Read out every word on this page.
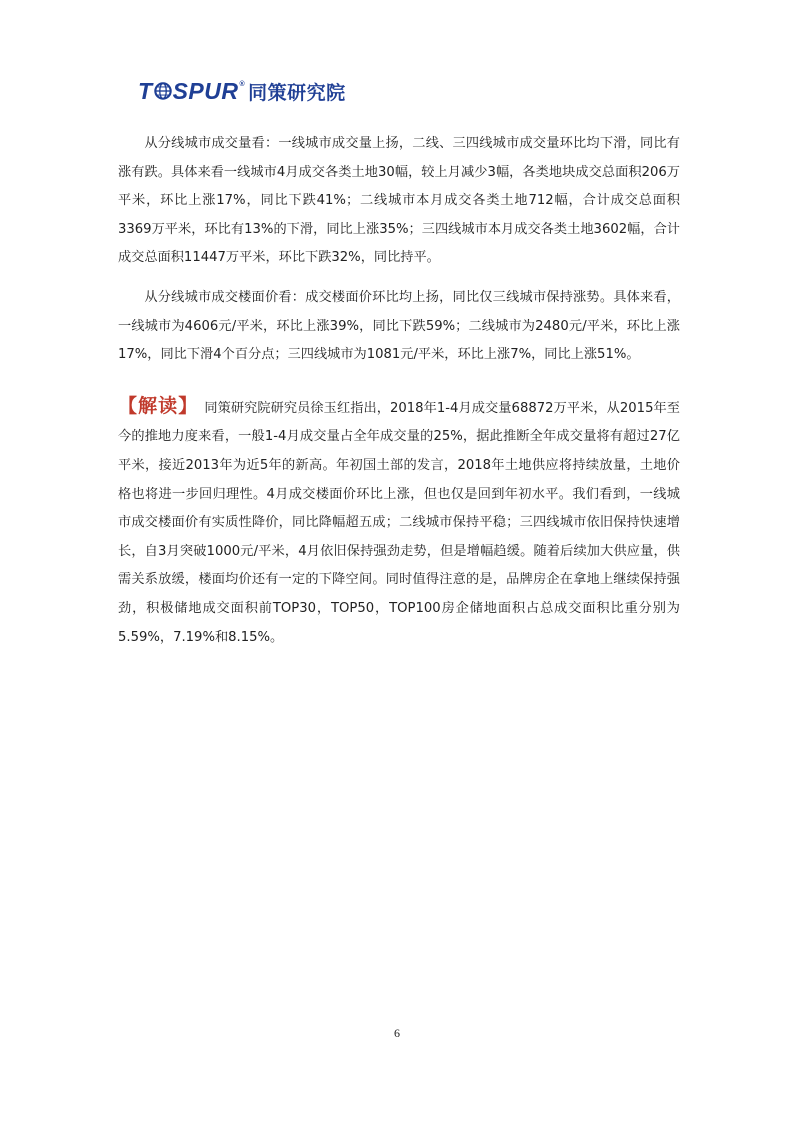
T SPUR ® 同策研究院

从分线城市成交量看：一线城市成交量上扬，二线、三四线城市成交量环比均下滑，同比有涨有跌。具体来看一线城市4月成交各类土地30幅，较上月减少3幅，各类地块成交总面积206万平米，环比上涨17%，同比下跌41%；二线城市本月成交各类土地712幅，合计成交总面积3369万平米，环比有13%的下滑，同比上涨35%；三四线城市本月成交各类土地3602幅，合计成交总面积11447万平米，环比下跌32%，同比持平。

从分线城市成交楼面价看：成交楼面价环比均上扬，同比仅三线城市保持涨势。具体来看，一线城市为4606元/平米，环比上涨39%，同比下跌59%；二线城市为2480元/平米，环比上涨17%，同比下滑4个百分点；三四线城市为1081元/平米，环比上涨7%，同比上涨51%。

【解读】 同策研究院研究员徐玉红指出，2018年1-4月成交量68872万平米，从2015年至今的推地力度来看，一般1-4月成交量占全年成交量的25%，据此推断全年成交量将有超过27亿平米，接近2013年为近5年的新高。年初国土部的发言，2018年土地供应将持续放量，土地价格也将进一步回归理性。4月成交楼面价环比上涨，但也仅是回到年初水平。我们看到，一线城市成交楼面价有实质性降价，同比降幅超五成；二线城市保持平稳；三四线城市依旧保持快速增长，自3月突破1000元/平米，4月依旧保持强劲走势，但是增幅趋缓。随着后续加大供应量，供需关系放缓，楼面均价还有一定的下降空间。同时值得注意的是，品牌房企在拿地上继续保持强劲，积极储地成交面积前TOP30，TOP50，TOP100房企储地面积占总成交面积比重分别为5.59%，7.19%和8.15%。

6
